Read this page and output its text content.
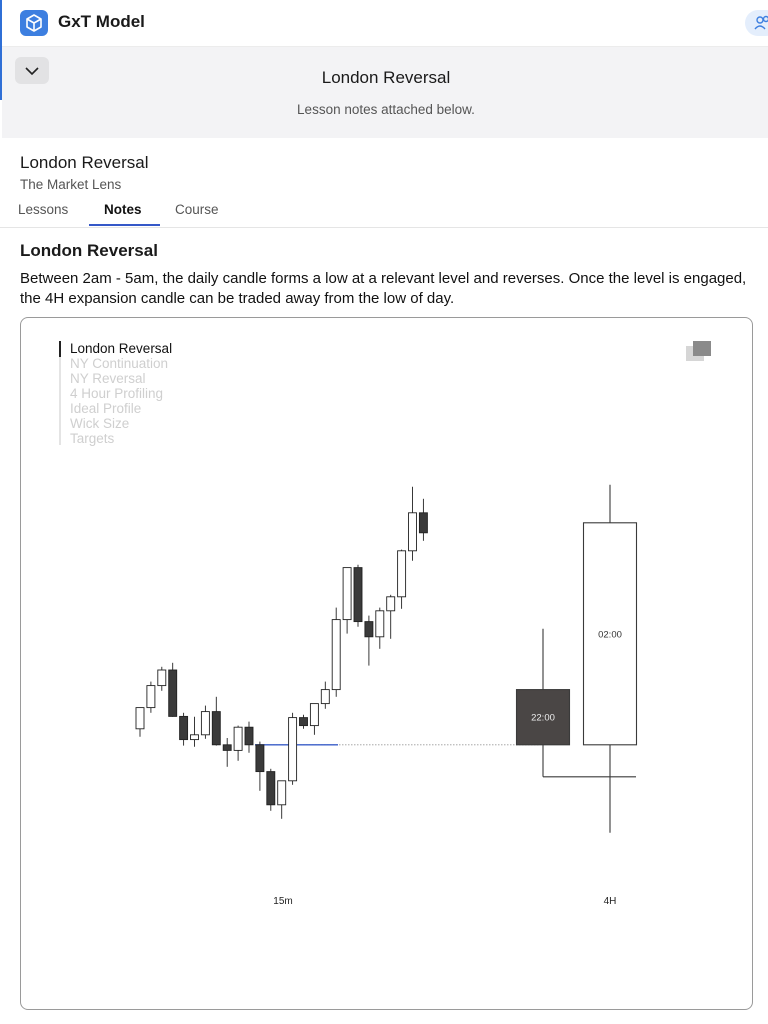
GxT Model
London Reversal
Lesson notes attached below.
London Reversal
The Market Lens
Lessons	Notes Course
London Reversal
Between 2am - 5am, the daily candle forms a low at a relevant level and reverses. Once the level is engaged, the 4H expansion candle can be traded away from the low of day.
London Reversal
NY Continuation
NY Reversal
4 Hour Profiling
Ideal Profile
Wick Size
Targets
15m
22:00
02:00
4H
